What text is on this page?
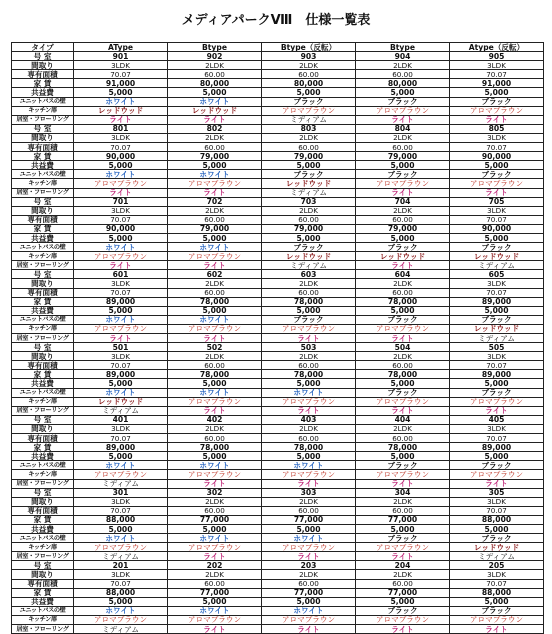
メディアパークⅧ　仕様一覧表
タイプ	AType	Btype	Btype（反転）	Btype	Atype（反転）
号 室	901	902	903	904	905
間取り	3LDK	2LDK	2LDK	2LDK	3LDK
専有面積	70.07	60.00	60.00	60.00	70.07
家 賃	91,000	80,000	80,000	80,000	91,000
共益費	5,000	5,000	5,000	5,000	5,000
ユニットバスの壁	ホワイト	ホワイト	ブラック	ブラック	ブラック
キッチン扉	レッドウッド	レッドウッド	アロマブラウン	アロマブラウン	アロマブラウン
居室・フローリング	ライト	ライト	ミディアム	ライト	ライト
号 室	801	802	803	804	805
間取り	3LDK	2LDK	2LDK	2LDK	3LDK
専有面積	70.07	60.00	60.00	60.00	70.07
家 賃	90,000	79,000	79,000	79,000	90,000
共益費	5,000	5,000	5,000	5,000	5,000
ユニットバスの壁	ホワイト	ホワイト	ブラック	ブラック	ブラック
キッチン扉	アロマブラウン	アロマブラウン	レッドウッド	アロマブラウン	アロマブラウン
居室・フローリング	ライト	ライト	ミディアム	ライト	ライト
号 室	701	702	703	704	705
間取り	3LDK	2LDK	2LDK	2LDK	3LDK
専有面積	70.07	60.00	60.00	60.00	70.07
家 賃	90,000	79,000	79,000	79,000	90,000
共益費	5,000	5,000	5,000	5,000	5,000
ユニットバスの壁	ホワイト	ホワイト	ブラック	ブラック	ブラック
キッチン扉	アロマブラウン	アロマブラウン	レッドウッド	レッドウッド	レッドウッド
居室・フローリング	ライト	ライト	ミディアム	ライト	ミディアム
号 室	601	602	603	604	605
間取り	3LDK	2LDK	2LDK	2LDK	3LDK
専有面積	70.07	60.00	60.00	60.00	70.07
家 賃	89,000	78,000	78,000	78,000	89,000
共益費	5,000	5,000	5,000	5,000	5,000
ユニットバスの壁	ホワイト	ホワイト	ブラック	ブラック	ブラック
キッチン扉	アロマブラウン	アロマブラウン	アロマブラウン	アロマブラウン	レッドウッド
居室・フローリング	ライト	ライト	ライト	ライト	ミディアム
号 室	501	502	503	504	505
間取り	3LDK	2LDK	2LDK	2LDK	3LDK
専有面積	70.07	60.00	60.00	60.00	70.07
家 賃	89,000	78,000	78,000	78,000	89,000
共益費	5,000	5,000	5,000	5,000	5,000
ユニットバスの壁	ホワイト	ホワイト	ホワイト	ブラック	ブラック
キッチン扉	レッドウッド	アロマブラウン	アロマブラウン	アロマブラウン	アロマブラウン
居室・フローリング	ミディアム	ライト	ライト	ライト	ライト
号 室	401	402	403	404	405
間取り	3LDK	2LDK	2LDK	2LDK	3LDK
専有面積	70.07	60.00	60.00	60.00	70.07
家 賃	89,000	78,000	78,000	78,000	89,000
共益費	5,000	5,000	5,000	5,000	5,000
ユニットバスの壁	ホワイト	ホワイト	ホワイト	ブラック	ブラック
キッチン扉	アロマブラウン	アロマブラウン	アロマブラウン	アロマブラウン	アロマブラウン
居室・フローリング	ミディアム	ライト	ライト	ライト	ライト
号 室	301	302	303	304	305
間取り	3LDK	2LDK	2LDK	2LDK	3LDK
専有面積	70.07	60.00	60.00	60.00	70.07
家 賃	88,000	77,000	77,000	77,000	88,000
共益費	5,000	5,000	5,000	5,000	5,000
ユニットバスの壁	ホワイト	ホワイト	ホワイト	ブラック	ブラック
キッチン扉	アロマブラウン	アロマブラウン	アロマブラウン	アロマブラウン	レッドウッド
居室・フローリング	ミディアム	ライト	ライト	ライト	ミディアム
号 室	201	202	203	204	205
間取り	3LDK	2LDK	2LDK	2LDK	3LDK
専有面積	70.07	60.00	60.00	60.00	70.07
家 賃	88,000	77,000	77,000	77,000	88,000
共益費	5,000	5,000	5,000	5,000	5,000
ユニットバスの壁	ホワイト	ホワイト	ホワイト	ブラック	ブラック
キッチン扉	アロマブラウン	アロマブラウン	アロマブラウン	アロマブラウン	アロマブラウン
居室・フローリング	ミディアム	ライト	ライト	ライト	ライト
